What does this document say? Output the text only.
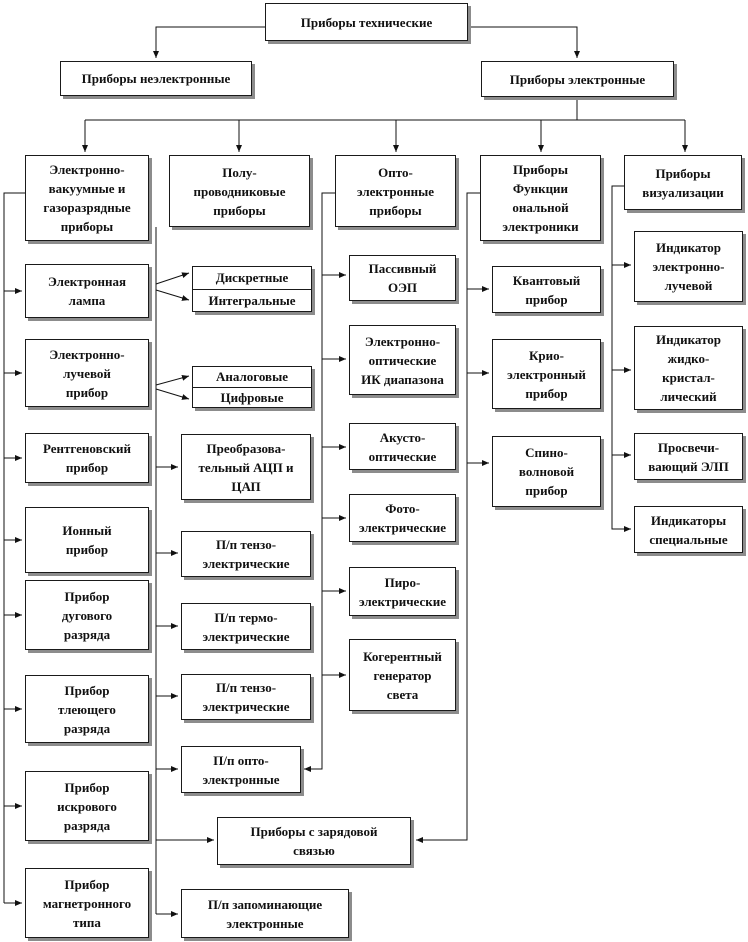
Приборы технические
Приборы неэлектронные	Приборы электронные
Электронно-
вакуумные и
газоразрядные
приборы
Полу-
проводниковые
приборы
Опто-
электронные
приборы
Приборы
Функции
ональной
электроники
Приборы
визуализации
Электронная
лампа
Электронно-
лучевой
прибор
Рентгеновский
прибор
Ионный
прибор
Прибор
дугового
разряда
Прибор
тлеющего
разряда
Прибор
искрового
разряда
Прибор
магнетронного
типа
Дискретные
Интегральные
Аналоговые
Цифровые
Преобразова-
тельный АЦП и
ЦАП
П/п тензо-
электрические
П/п термо-
электрические
П/п тензо-
электрические
П/п опто-
электронные
Приборы с зарядовой
связью
П/п запоминающие
электронные
Пассивный
ОЭП
Электронно-
оптические
ИК диапазона
Акусто-
оптические
Фото-
электрические
Пиро-
электрические
Когерентный
генератор
света
Квантовый
прибор
Крио-
электронный
прибор
Спино-
волновой
прибор
Индикатор
электронно-
лучевой
Индикатор
жидко-
кристал-
лический
Просвечи-
вающий ЭЛП
Индикаторы
специальные
